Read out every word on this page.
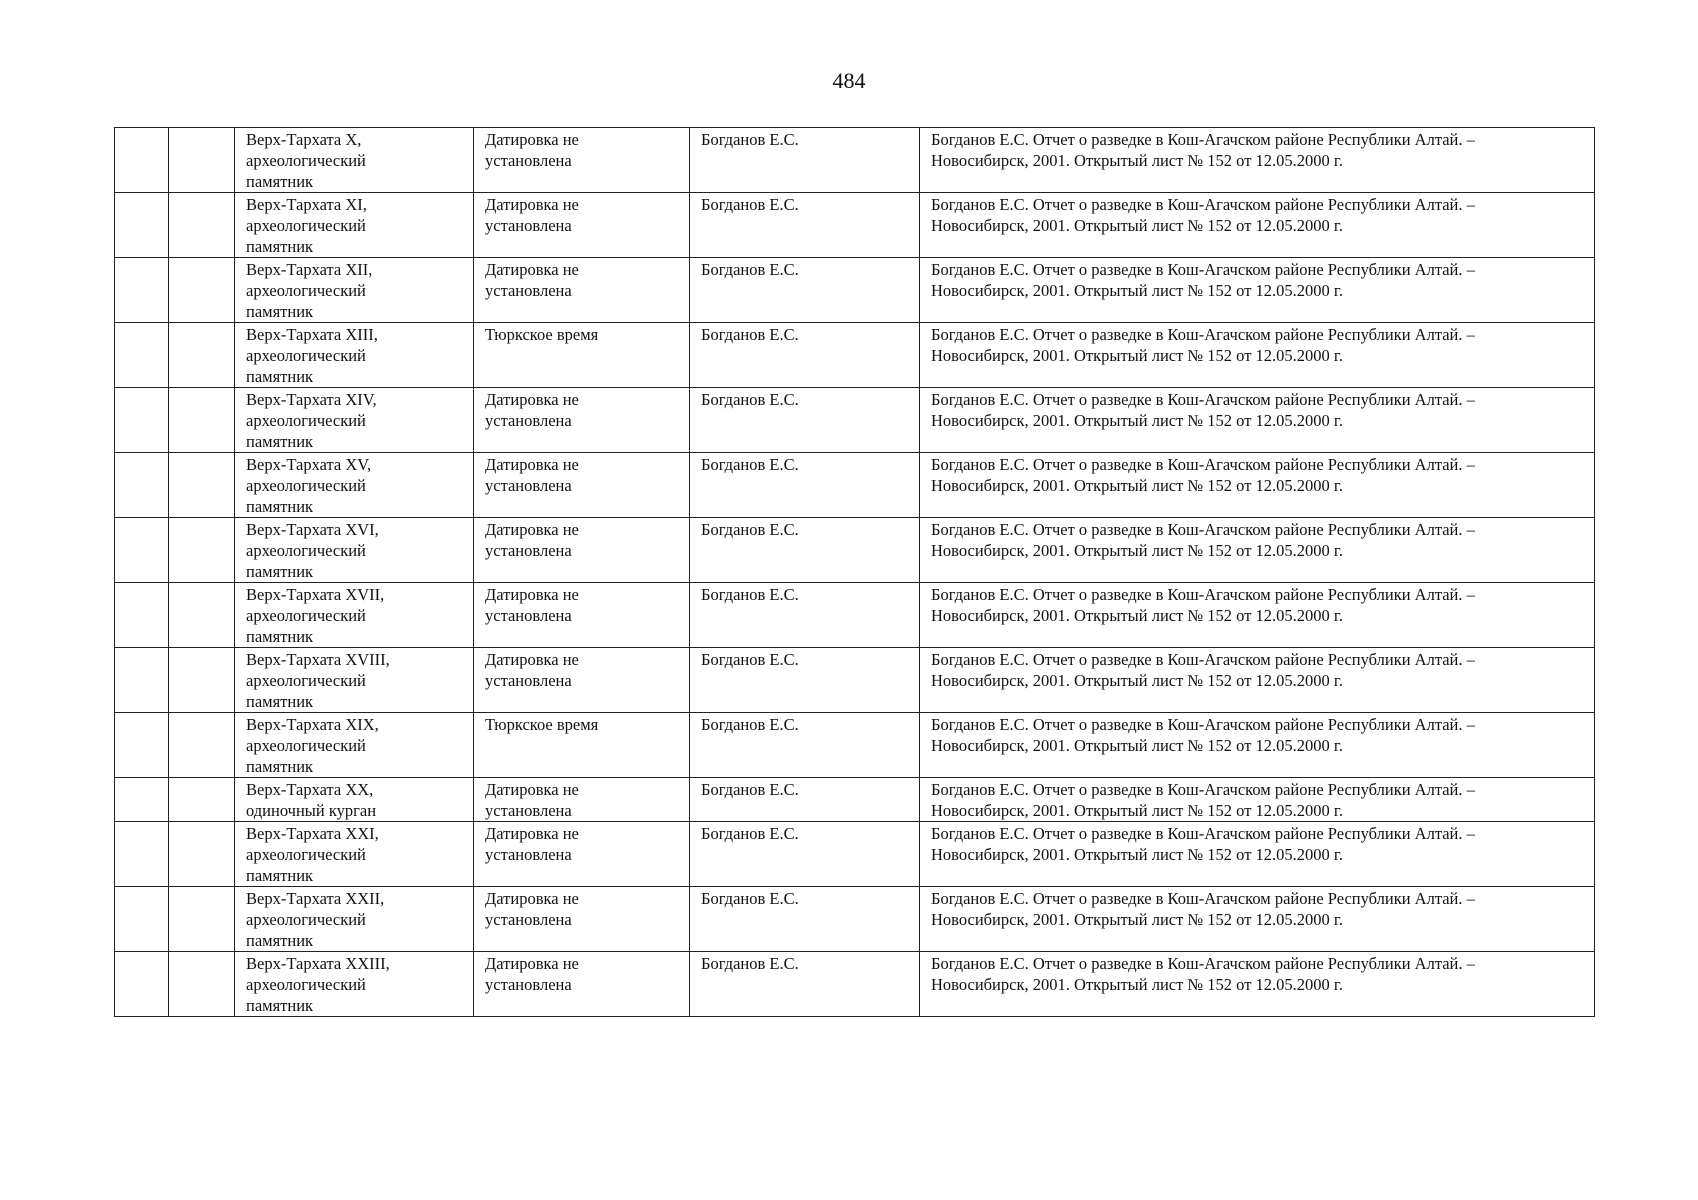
484

		Верх-Тархата X,
археологический
памятник	Датировка не
установлена	Богданов Е.С.	Богданов Е.С. Отчет о разведке в Кош-Агачском районе Республики Алтай. –
Новосибирск, 2001. Открытый лист № 152 от 12.05.2000 г.

		Верх-Тархата XI,
археологический
памятник	Датировка не
установлена	Богданов Е.С.	Богданов Е.С. Отчет о разведке в Кош-Агачском районе Республики Алтай. –
Новосибирск, 2001. Открытый лист № 152 от 12.05.2000 г.

		Верх-Тархата XII,
археологический
памятник	Датировка не
установлена	Богданов Е.С.	Богданов Е.С. Отчет о разведке в Кош-Агачском районе Республики Алтай. –
Новосибирск, 2001. Открытый лист № 152 от 12.05.2000 г.

		Верх-Тархата XIII,
археологический
памятник	Тюркское время	Богданов Е.С.	Богданов Е.С. Отчет о разведке в Кош-Агачском районе Республики Алтай. –
Новосибирск, 2001. Открытый лист № 152 от 12.05.2000 г.

		Верх-Тархата XIV,
археологический
памятник	Датировка не
установлена	Богданов Е.С.	Богданов Е.С. Отчет о разведке в Кош-Агачском районе Республики Алтай. –
Новосибирск, 2001. Открытый лист № 152 от 12.05.2000 г.

		Верх-Тархата XV,
археологический
памятник	Датировка не
установлена	Богданов Е.С.	Богданов Е.С. Отчет о разведке в Кош-Агачском районе Республики Алтай. –
Новосибирск, 2001. Открытый лист № 152 от 12.05.2000 г.

		Верх-Тархата XVI,
археологический
памятник	Датировка не
установлена	Богданов Е.С.	Богданов Е.С. Отчет о разведке в Кош-Агачском районе Республики Алтай. –
Новосибирск, 2001. Открытый лист № 152 от 12.05.2000 г.

		Верх-Тархата XVII,
археологический
памятник	Датировка не
установлена	Богданов Е.С.	Богданов Е.С. Отчет о разведке в Кош-Агачском районе Республики Алтай. –
Новосибирск, 2001. Открытый лист № 152 от 12.05.2000 г.

		Верх-Тархата XVIII,
археологический
памятник	Датировка не
установлена	Богданов Е.С.	Богданов Е.С. Отчет о разведке в Кош-Агачском районе Республики Алтай. –
Новосибирск, 2001. Открытый лист № 152 от 12.05.2000 г.

		Верх-Тархата XIX,
археологический
памятник	Тюркское время	Богданов Е.С.	Богданов Е.С. Отчет о разведке в Кош-Агачском районе Республики Алтай. –
Новосибирск, 2001. Открытый лист № 152 от 12.05.2000 г.

		Верх-Тархата XX,
одиночный курган	Датировка не
установлена	Богданов Е.С.	Богданов Е.С. Отчет о разведке в Кош-Агачском районе Республики Алтай. –
Новосибирск, 2001. Открытый лист № 152 от 12.05.2000 г.

		Верх-Тархата XXI,
археологический
памятник	Датировка не
установлена	Богданов Е.С.	Богданов Е.С. Отчет о разведке в Кош-Агачском районе Республики Алтай. –
Новосибирск, 2001. Открытый лист № 152 от 12.05.2000 г.

		Верх-Тархата XXII,
археологический
памятник	Датировка не
установлена	Богданов Е.С.	Богданов Е.С. Отчет о разведке в Кош-Агачском районе Республики Алтай. –
Новосибирск, 2001. Открытый лист № 152 от 12.05.2000 г.

		Верх-Тархата XXIII,
археологический
памятник	Датировка не
установлена	Богданов Е.С.	Богданов Е.С. Отчет о разведке в Кош-Агачском районе Республики Алтай. –
Новосибирск, 2001. Открытый лист № 152 от 12.05.2000 г.
